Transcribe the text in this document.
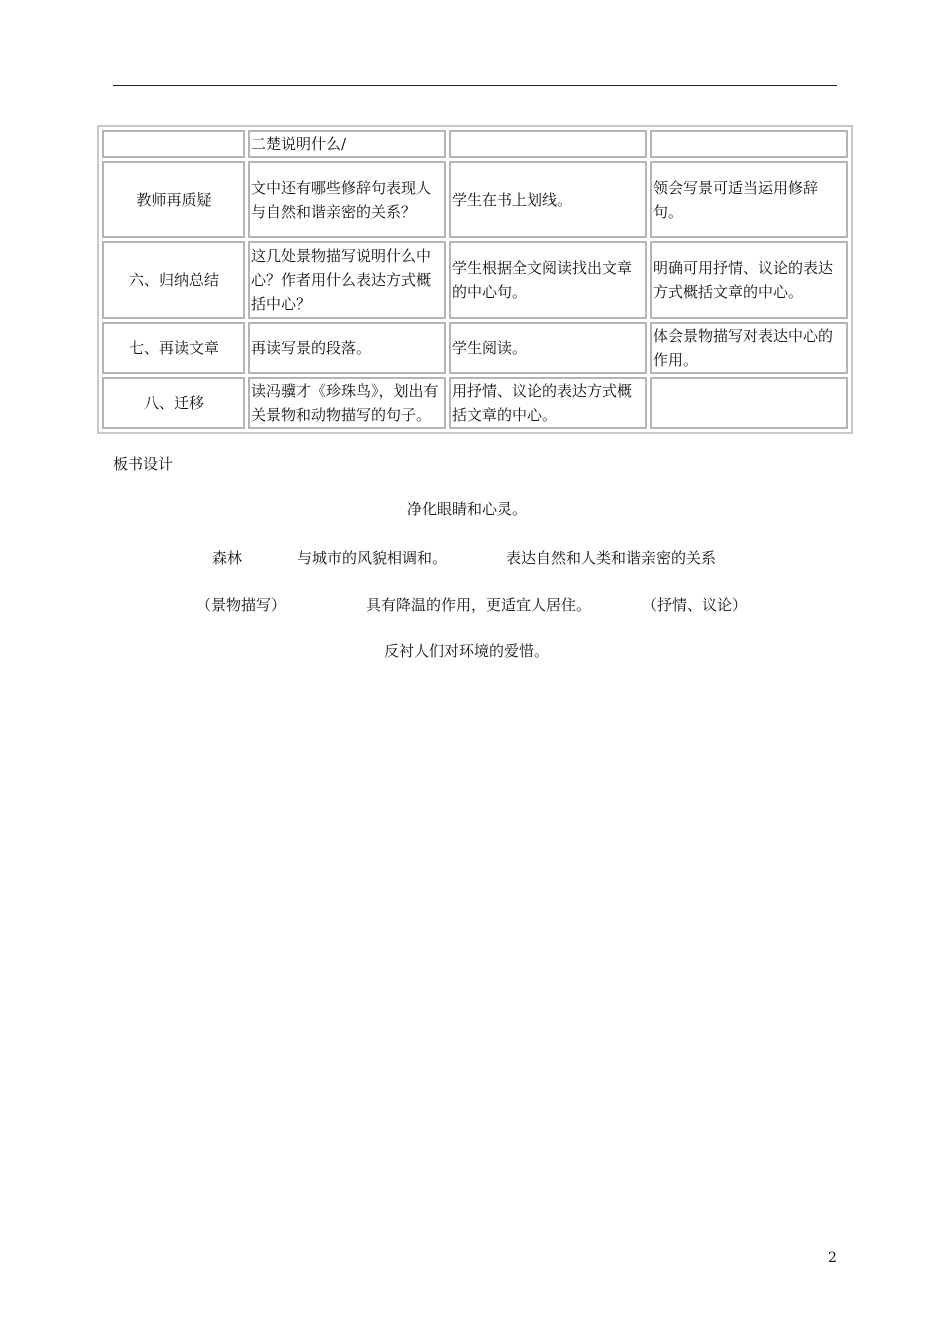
	二楚说明什么/		
教师再质疑	文中还有哪些修辞句表现人与自然和谐亲密的关系？	学生在书上划线。	领会写景可适当运用修辞句。
六、归纳总结	这几处景物描写说明什么中心？作者用什么表达方式概括中心？	学生根据全文阅读找出文章的中心句。	明确可用抒情、议论的表达方式概括文章的中心。
七、再读文章	再读写景的段落。	学生阅读。	体会景物描写对表达中心的作用。
八、迁移	读冯骥才《珍珠鸟》，划出有关景物和动物描写的句子。	用抒情、议论的表达方式概括文章的中心。	
板书设计
净化眼睛和心灵。
森林	与城市的风貌相调和。	表达自然和人类和谐亲密的关系
（景物描写）	具有降温的作用，更适宜人居住。	（抒情、议论）
反衬人们对环境的爱惜。
2
